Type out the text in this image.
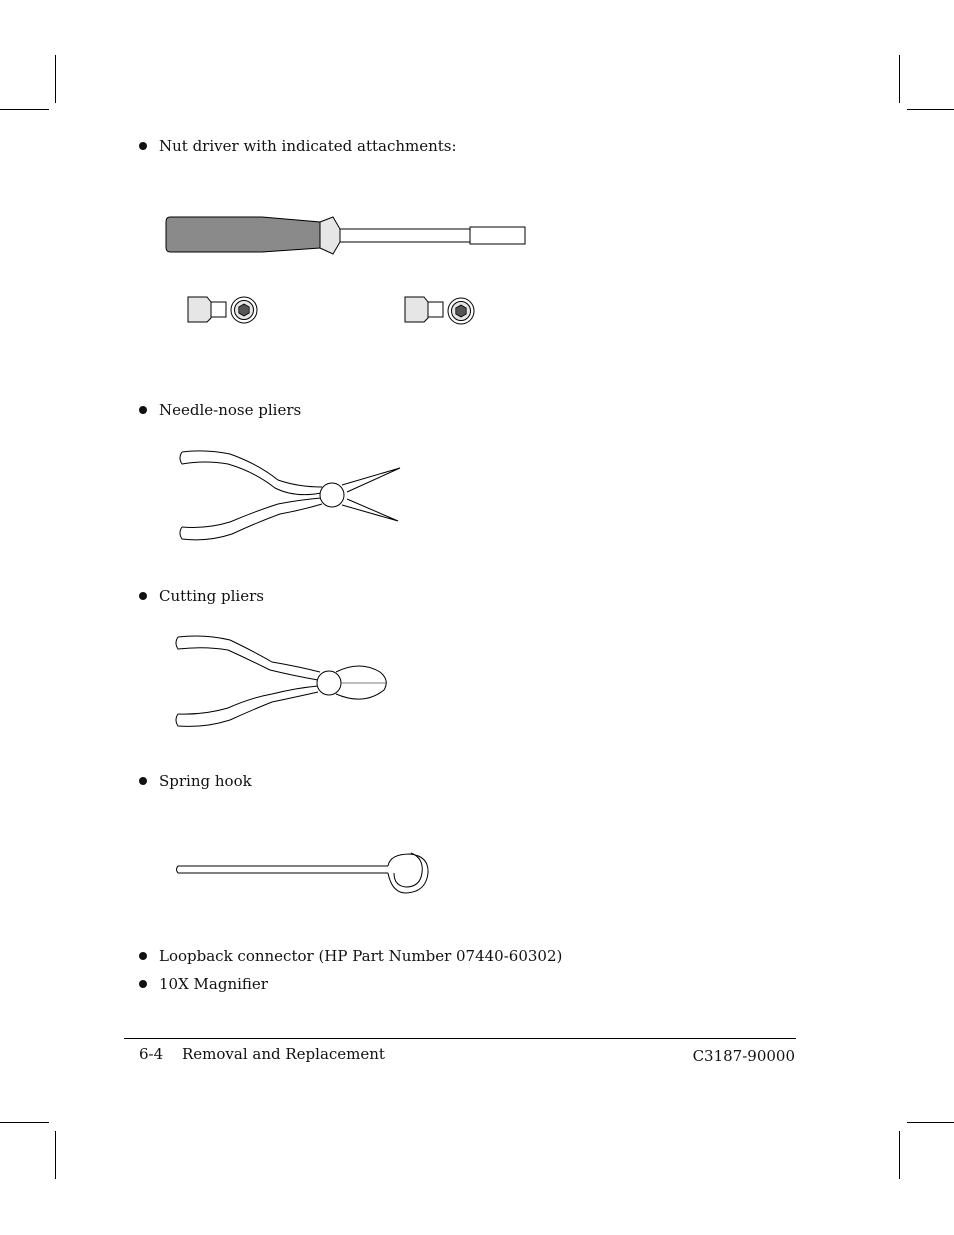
Nut driver with indicated attachments:
Needle-nose pliers
Cutting pliers
Spring hook
Loopback connector (HP Part Number 07440-60302)
10X Magnifier
6-4 Removal and Replacement	C3187-90000
